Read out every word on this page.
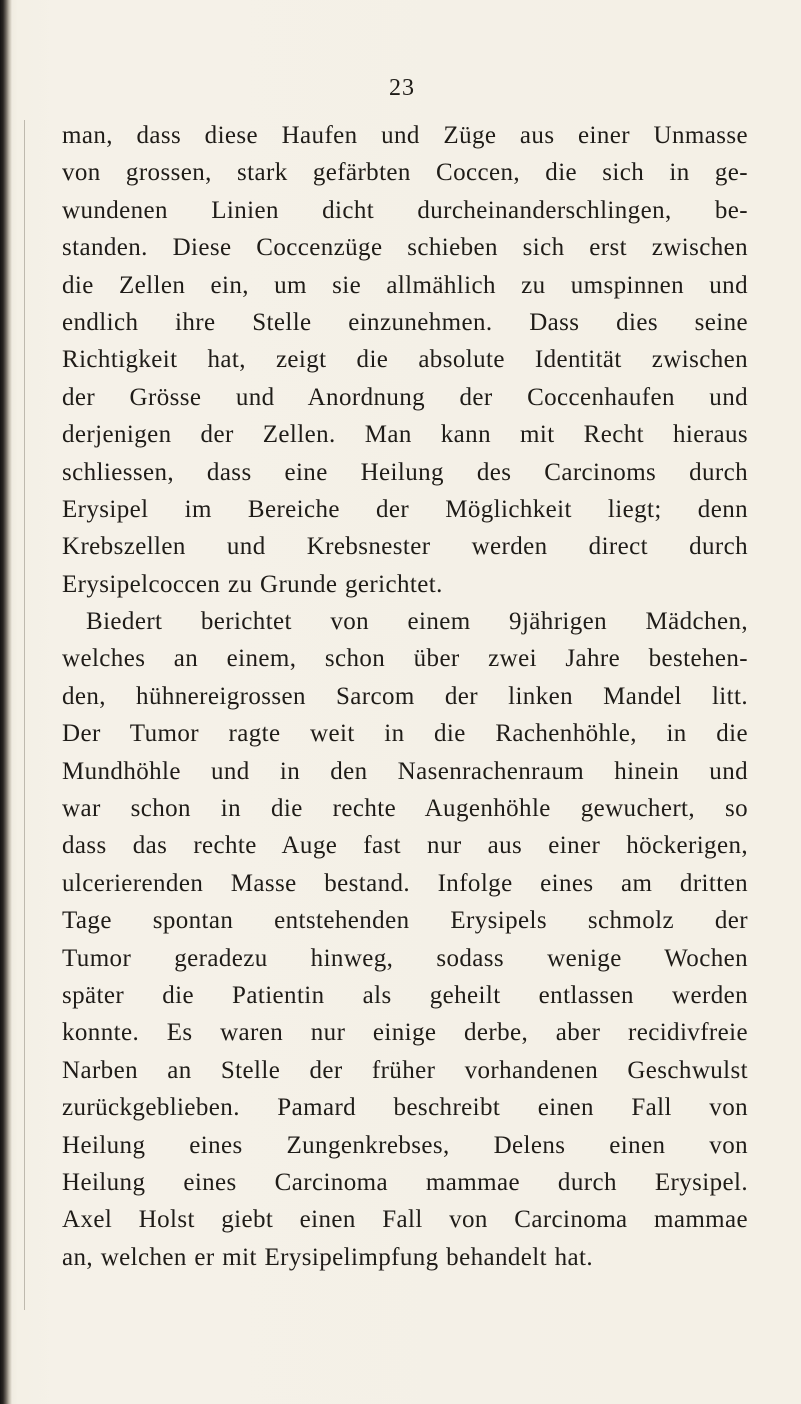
23
man, dass diese Haufen und Züge aus einer Unmasse
von grossen, stark gefärbten Coccen, die sich in ge-
wundenen Linien dicht durcheinanderschlingen, be-
standen. Diese Coccenzüge schieben sich erst zwischen
die Zellen ein, um sie allmählich zu umspinnen und
endlich ihre Stelle einzunehmen. Dass dies seine
Richtigkeit hat, zeigt die absolute Identität zwischen
der Grösse und Anordnung der Coccenhaufen und
derjenigen der Zellen. Man kann mit Recht hieraus
schliessen, dass eine Heilung des Carcinoms durch
Erysipel im Bereiche der Möglichkeit liegt; denn
Krebszellen und Krebsnester werden direct durch
Erysipelcoccen zu Grunde gerichtet.
Biedert berichtet von einem 9jährigen Mädchen,
welches an einem, schon über zwei Jahre bestehen-
den, hühnereigrossen Sarcom der linken Mandel litt.
Der Tumor ragte weit in die Rachenhöhle, in die
Mundhöhle und in den Nasenrachenraum hinein und
war schon in die rechte Augenhöhle gewuchert, so
dass das rechte Auge fast nur aus einer höckerigen,
ulcerierenden Masse bestand. Infolge eines am dritten
Tage spontan entstehenden Erysipels schmolz der
Tumor geradezu hinweg, sodass wenige Wochen
später die Patientin als geheilt entlassen werden
konnte. Es waren nur einige derbe, aber recidivfreie
Narben an Stelle der früher vorhandenen Geschwulst
zurückgeblieben. Pamard beschreibt einen Fall von
Heilung eines Zungenkrebses, Delens einen von
Heilung eines Carcinoma mammae durch Erysipel.
Axel Holst giebt einen Fall von Carcinoma mammae
an, welchen er mit Erysipelimpfung behandelt hat.
